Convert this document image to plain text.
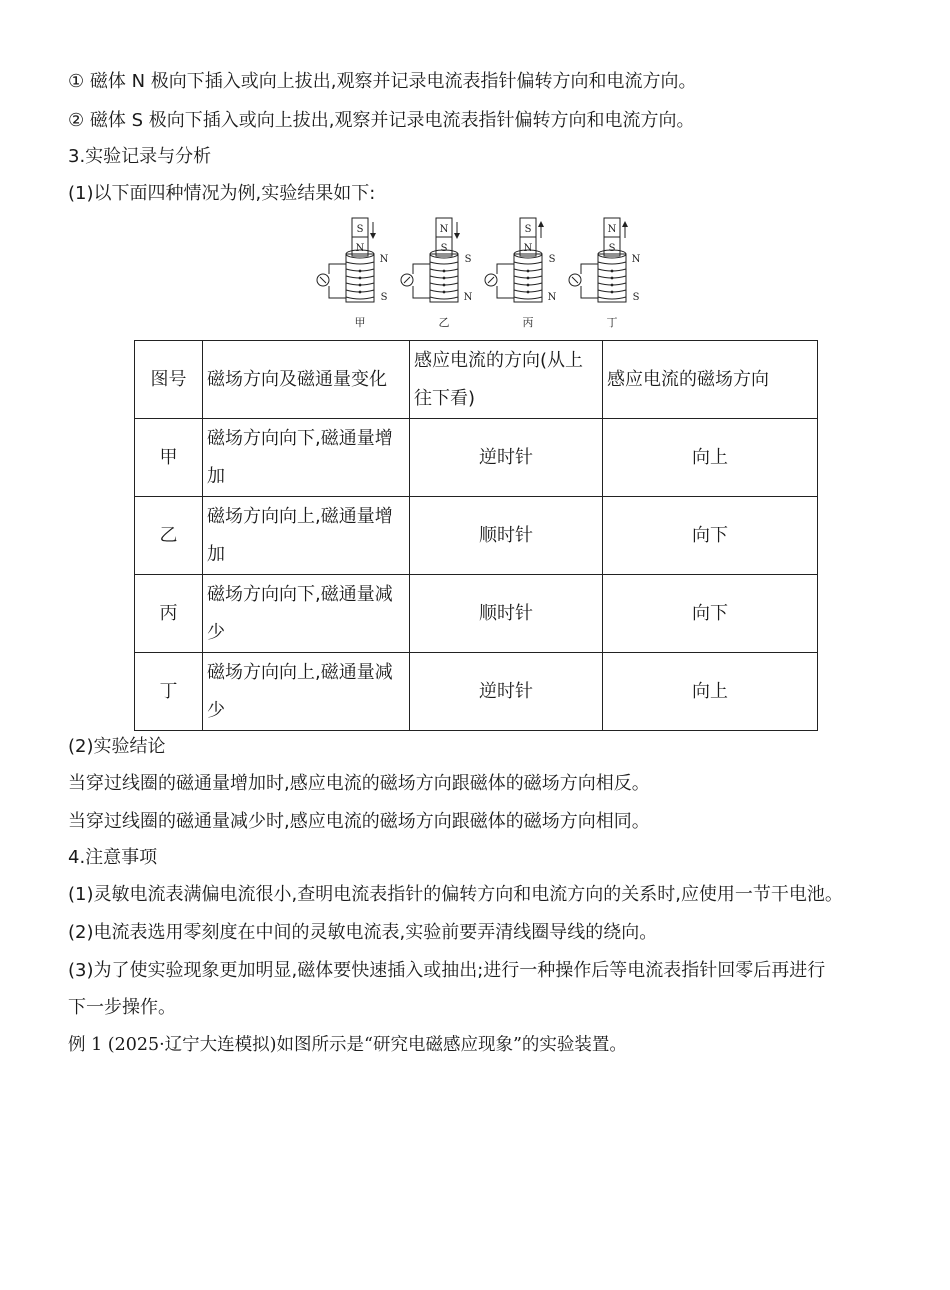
① 磁体 N 极向下插入或向上拔出,观察并记录电流表指针偏转方向和电流方向。
② 磁体 S 极向下插入或向上拔出,观察并记录电流表指针偏转方向和电流方向。
3.实验记录与分析
(1)以下面四种情况为例,实验结果如下:
S
N
N
S
甲
N
S
S
N
乙
S
N
S
N
丙
N
S
N
S
丁
图号	磁场方向及磁通量变化	感应电流的方向(从上往下看)	感应电流的磁场方向

甲	磁场方向向下,磁通量增加	逆时针	向上

乙	磁场方向向上,磁通量增加	顺时针	向下

丙	磁场方向向下,磁通量减少	顺时针	向下

丁	磁场方向向上,磁通量减少	逆时针	向上
(2)实验结论
当穿过线圈的磁通量增加时,感应电流的磁场方向跟磁体的磁场方向相反。
当穿过线圈的磁通量减少时,感应电流的磁场方向跟磁体的磁场方向相同。
4.注意事项
(1)灵敏电流表满偏电流很小,查明电流表指针的偏转方向和电流方向的关系时,应使用一节干电池。
(2)电流表选用零刻度在中间的灵敏电流表,实验前要弄清线圈导线的绕向。
(3)为了使实验现象更加明显,磁体要快速插入或抽出;进行一种操作后等电流表指针回零后再进行
下一步操作。
例 1 (2025·辽宁大连模拟)如图所示是“研究电磁感应现象”的实验装置。
